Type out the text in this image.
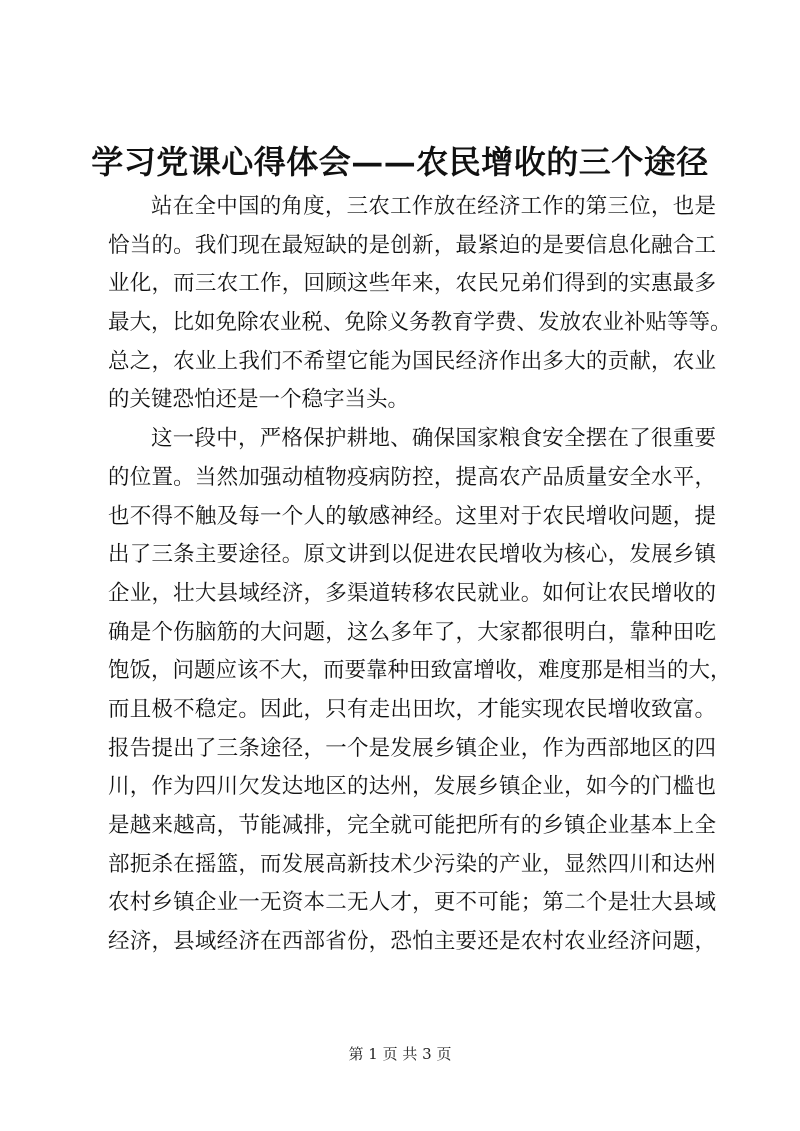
学习党课心得体会——农民增收的三个途径
站在全中国的角度，三农工作放在经济工作的第三位，也是
恰当的。我们现在最短缺的是创新，最紧迫的是要信息化融合工
业化，而三农工作，回顾这些年来，农民兄弟们得到的实惠最多
最大，比如免除农业税、免除义务教育学费、发放农业补贴等等。
总之，农业上我们不希望它能为国民经济作出多大的贡献，农业
的关键恐怕还是一个稳字当头。
这一段中，严格保护耕地、确保国家粮食安全摆在了很重要
的位置。当然加强动植物疫病防控，提高农产品质量安全水平，
也不得不触及每一个人的敏感神经。这里对于农民增收问题，提
出了三条主要途径。原文讲到以促进农民增收为核心，发展乡镇
企业，壮大县域经济，多渠道转移农民就业。如何让农民增收的
确是个伤脑筋的大问题，这么多年了，大家都很明白，靠种田吃
饱饭，问题应该不大，而要靠种田致富增收，难度那是相当的大，
而且极不稳定。因此，只有走出田坎，才能实现农民增收致富。
报告提出了三条途径，一个是发展乡镇企业，作为西部地区的四
川，作为四川欠发达地区的达州，发展乡镇企业，如今的门槛也
是越来越高，节能减排，完全就可能把所有的乡镇企业基本上全
部扼杀在摇篮，而发展高新技术少污染的产业，显然四川和达州
农村乡镇企业一无资本二无人才，更不可能；第二个是壮大县域
经济，县域经济在西部省份，恐怕主要还是农村农业经济问题，
第 1 页 共 3 页
